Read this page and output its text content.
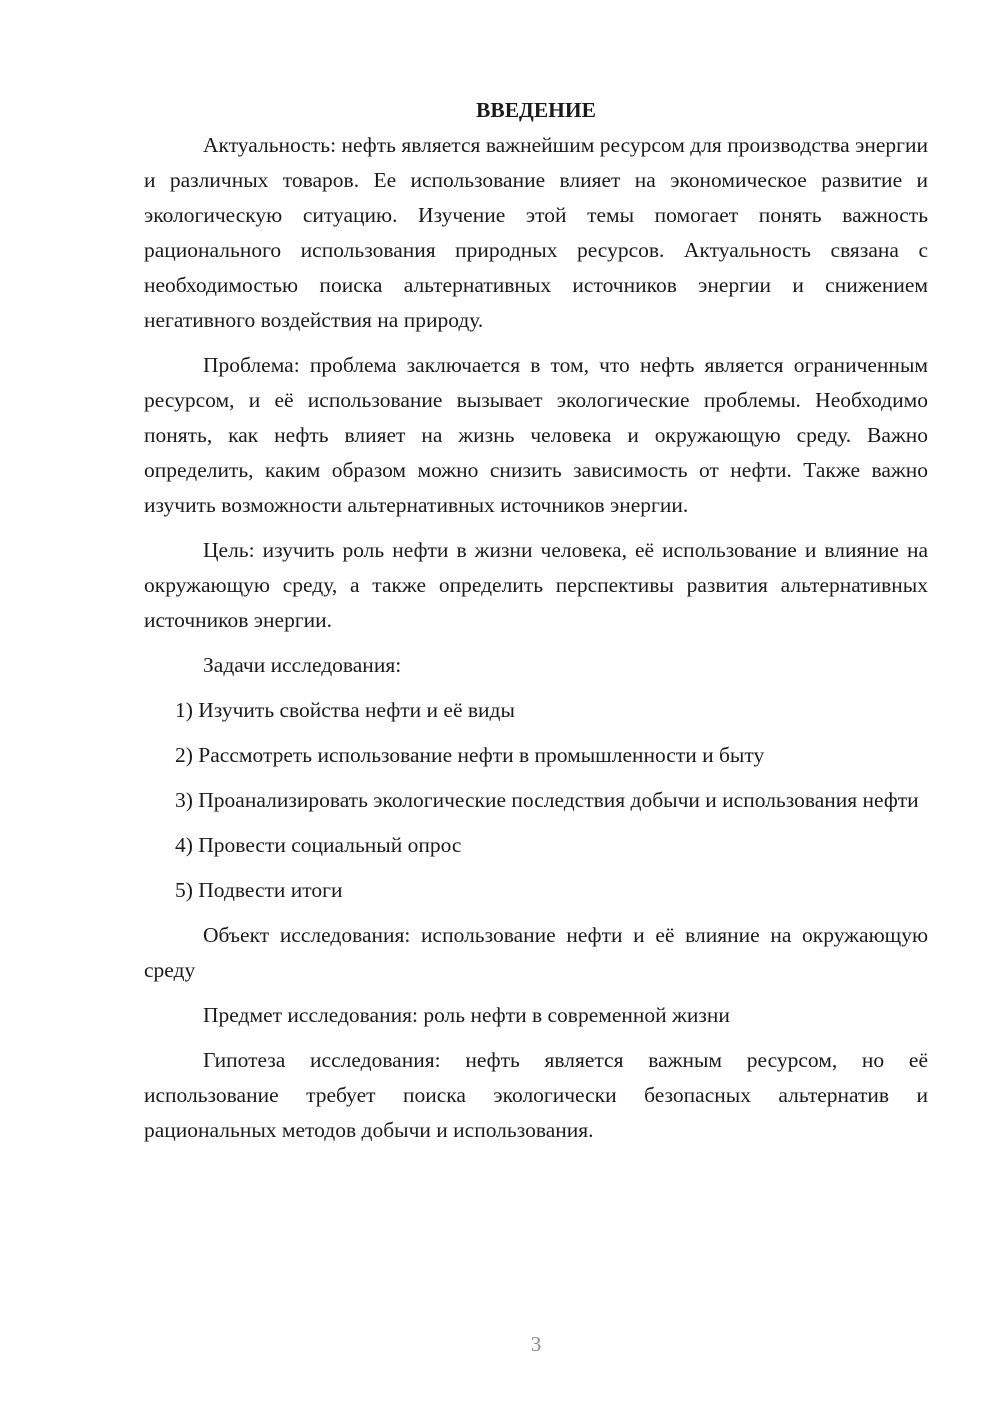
ВВЕДЕНИЕ

Актуальность: нефть является важнейшим ресурсом для производства энергии и различных товаров. Ее использование влияет на экономическое развитие и экологическую ситуацию. Изучение этой темы помогает понять важность рационального использования природных ресурсов. Актуальность связана с необходимостью поиска альтернативных источников энергии и снижением негативного воздействия на природу.

Проблема: проблема заключается в том, что нефть является ограниченным ресурсом, и её использование вызывает экологические проблемы. Необходимо понять, как нефть влияет на жизнь человека и окружающую среду. Важно определить, каким образом можно снизить зависимость от нефти. Также важно изучить возможности альтернативных источников энергии.

Цель: изучить роль нефти в жизни человека, её использование и влияние на окружающую среду, а также определить перспективы развития альтернативных источников энергии.

Задачи исследования:

1) Изучить свойства нефти и её виды

2) Рассмотреть использование нефти в промышленности и быту

3) Проанализировать экологические последствия добычи и использования нефти

4) Провести социальный опрос

5) Подвести итоги

Объект исследования: использование нефти и её влияние на окружающую среду

Предмет исследования: роль нефти в современной жизни

Гипотеза исследования: нефть является важным ресурсом, но её использование требует поиска экологически безопасных альтернатив и рациональных методов добычи и использования.

3
